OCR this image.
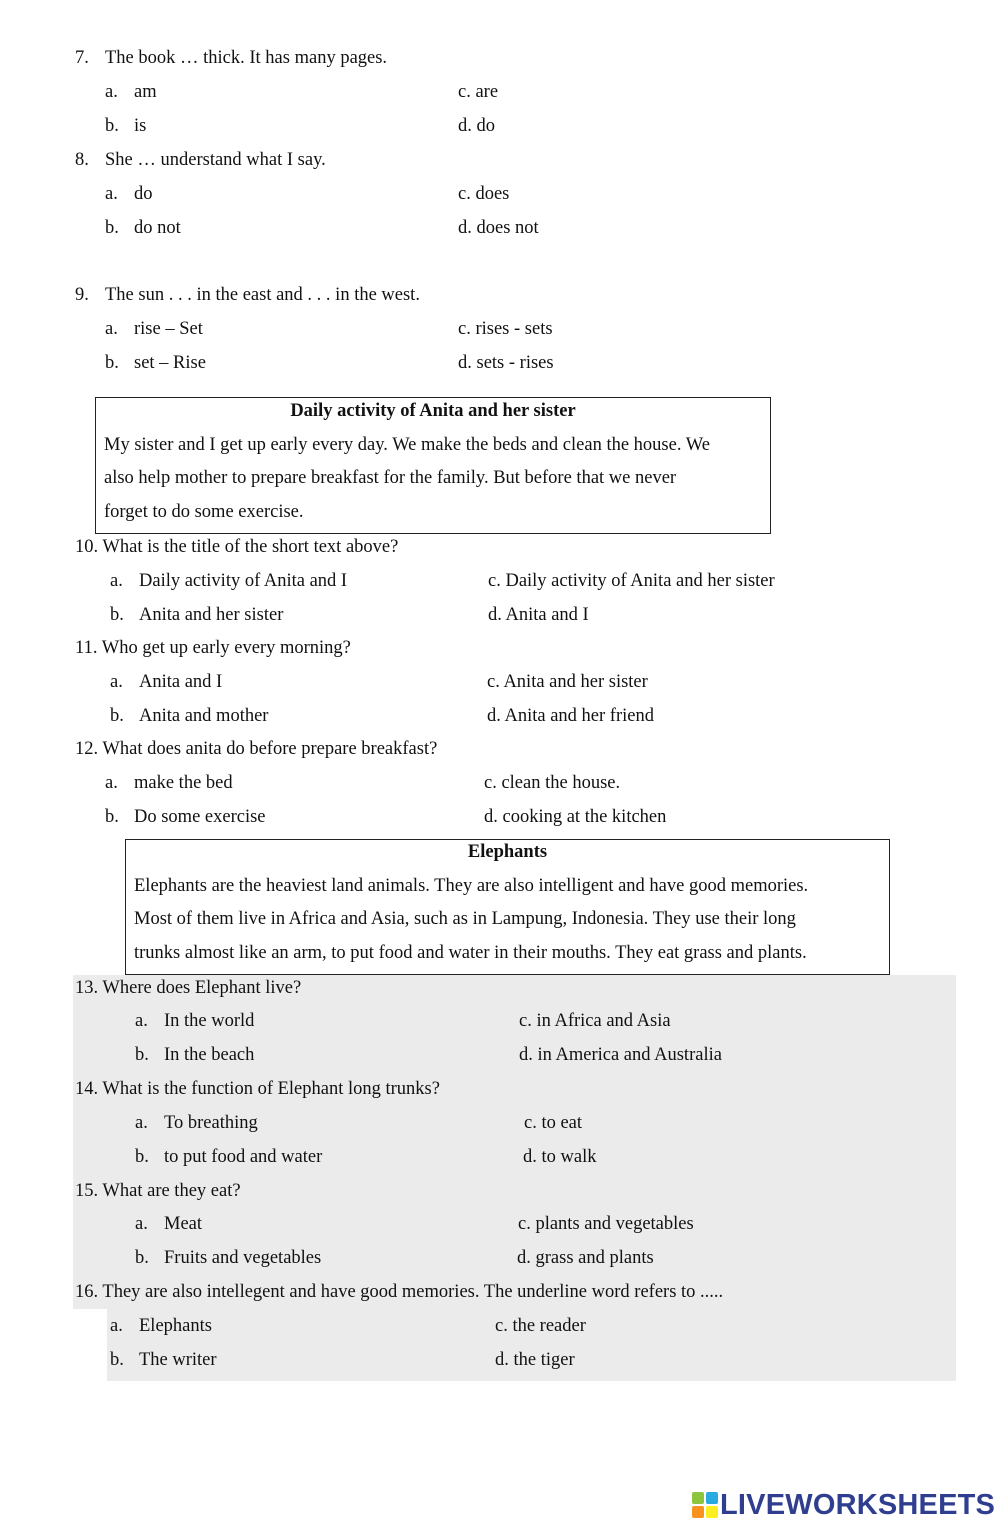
7. The book … thick. It has many pages.
a. am	c. are
b. is	d. do
8. She … understand what I say.
a. do	c. does
b. do not	d. does not
9. The sun . . . in the east and . . . in the west.
a. rise – Set	c. rises - sets
b. set – Rise	d. sets - rises
Daily activity of Anita and her sister
My sister and I get up early every day. We make the beds and clean the house. We
also help mother to prepare breakfast for the family. But before that we never
forget to do some exercise.
10. What is the title of the short text above?
a. Daily activity of Anita and I	c. Daily activity of Anita and her sister
b. Anita and her sister	d. Anita and I
11. Who get up early every morning?
a. Anita and I	c. Anita and her sister
b. Anita and mother	d. Anita and her friend
12. What does anita do before prepare breakfast?
a. make the bed	c. clean the house.
b. Do some exercise	d. cooking at the kitchen
Elephants
Elephants are the heaviest land animals. They are also intelligent and have good memories.
Most of them live in Africa and Asia, such as in Lampung, Indonesia. They use their long
trunks almost like an arm, to put food and water in their mouths. They eat grass and plants.
13. Where does Elephant live?
a. In the world	c. in Africa and Asia
b. In the beach	d. in America and Australia
14. What is the function of Elephant long trunks?
a. To breathing	c. to eat
b. to put food and water	d. to walk
15. What are they eat?
a. Meat	c. plants and vegetables
b. Fruits and vegetables	d. grass and plants
16. They are also intellegent and have good memories. The underline word refers to .....
a. Elephants	c. the reader
b. The writer	d. the tiger
LIVEWORKSHEETS
